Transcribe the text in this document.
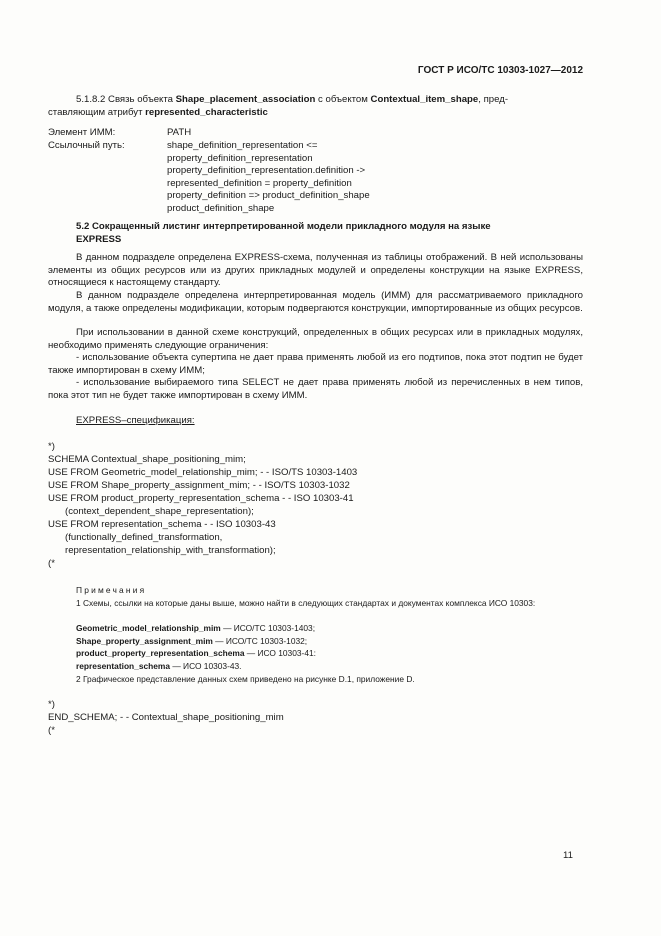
ГОСТ Р ИСО/ТС 10303-1027—2012
5.1.8.2 Связь объекта Shape_placement_association с объектом Contextual_item_shape, пред-
ставляющим атрибут represented_characteristic
Элемент ИММ:	PATH
Ссылочный путь:	shape_definition_representation <=
property_definition_representation
property_definition_representation.definition ->
represented_definition = property_definition
property_definition => product_definition_shape
product_definition_shape
5.2 Сокращенный листинг интерпретированной модели прикладного модуля на языке
EXPRESS
В данном подразделе определена EXPRESS-схема, полученная из таблицы отображений. В ней использованы элементы из общих ресурсов или из других прикладных модулей и определены конструкции на языке EXPRESS, относящиеся к настоящему стандарту.
В данном подразделе определена интерпретированная модель (ИММ) для рассматриваемого прикладного модуля, а также определены модификации, которым подвергаются конструкции, импортированные из общих ресурсов.
При использовании в данной схеме конструкций, определенных в общих ресурсах или в прикладных модулях, необходимо применять следующие ограничения:
- использование объекта супертипа не дает права применять любой из его подтипов, пока этот подтип не будет также импортирован в схему ИММ;
- использование выбираемого типа SELECT не дает права применять любой из перечисленных в нем типов, пока этот тип не будет также импортирован в схему ИММ.
EXPRESS–спецификация:
*)
SCHEMA Contextual_shape_positioning_mim;
USE FROM Geometric_model_relationship_mim; - - ISO/TS 10303-1403
USE FROM Shape_property_assignment_mim; - - ISO/TS 10303-1032
USE FROM product_property_representation_schema - - ISO 10303-41
(context_dependent_shape_representation);
USE FROM representation_schema - - ISO 10303-43
(functionally_defined_transformation,
representation_relationship_with_transformation);
(*
Примечания
1 Схемы, ссылки на которые даны выше, можно найти в следующих стандартах и документах комплекса ИСО 10303:
Geometric_model_relationship_mim — ИСО/ТС 10303-1403;
Shape_property_assignment_mim — ИСО/ТС 10303-1032;
product_property_representation_schema — ИСО 10303-41:
representation_schema — ИСО 10303-43.
2 Графическое представление данных схем приведено на рисунке D.1, приложение D.
*)
END_SCHEMA; - - Contextual_shape_positioning_mim
(*
11
